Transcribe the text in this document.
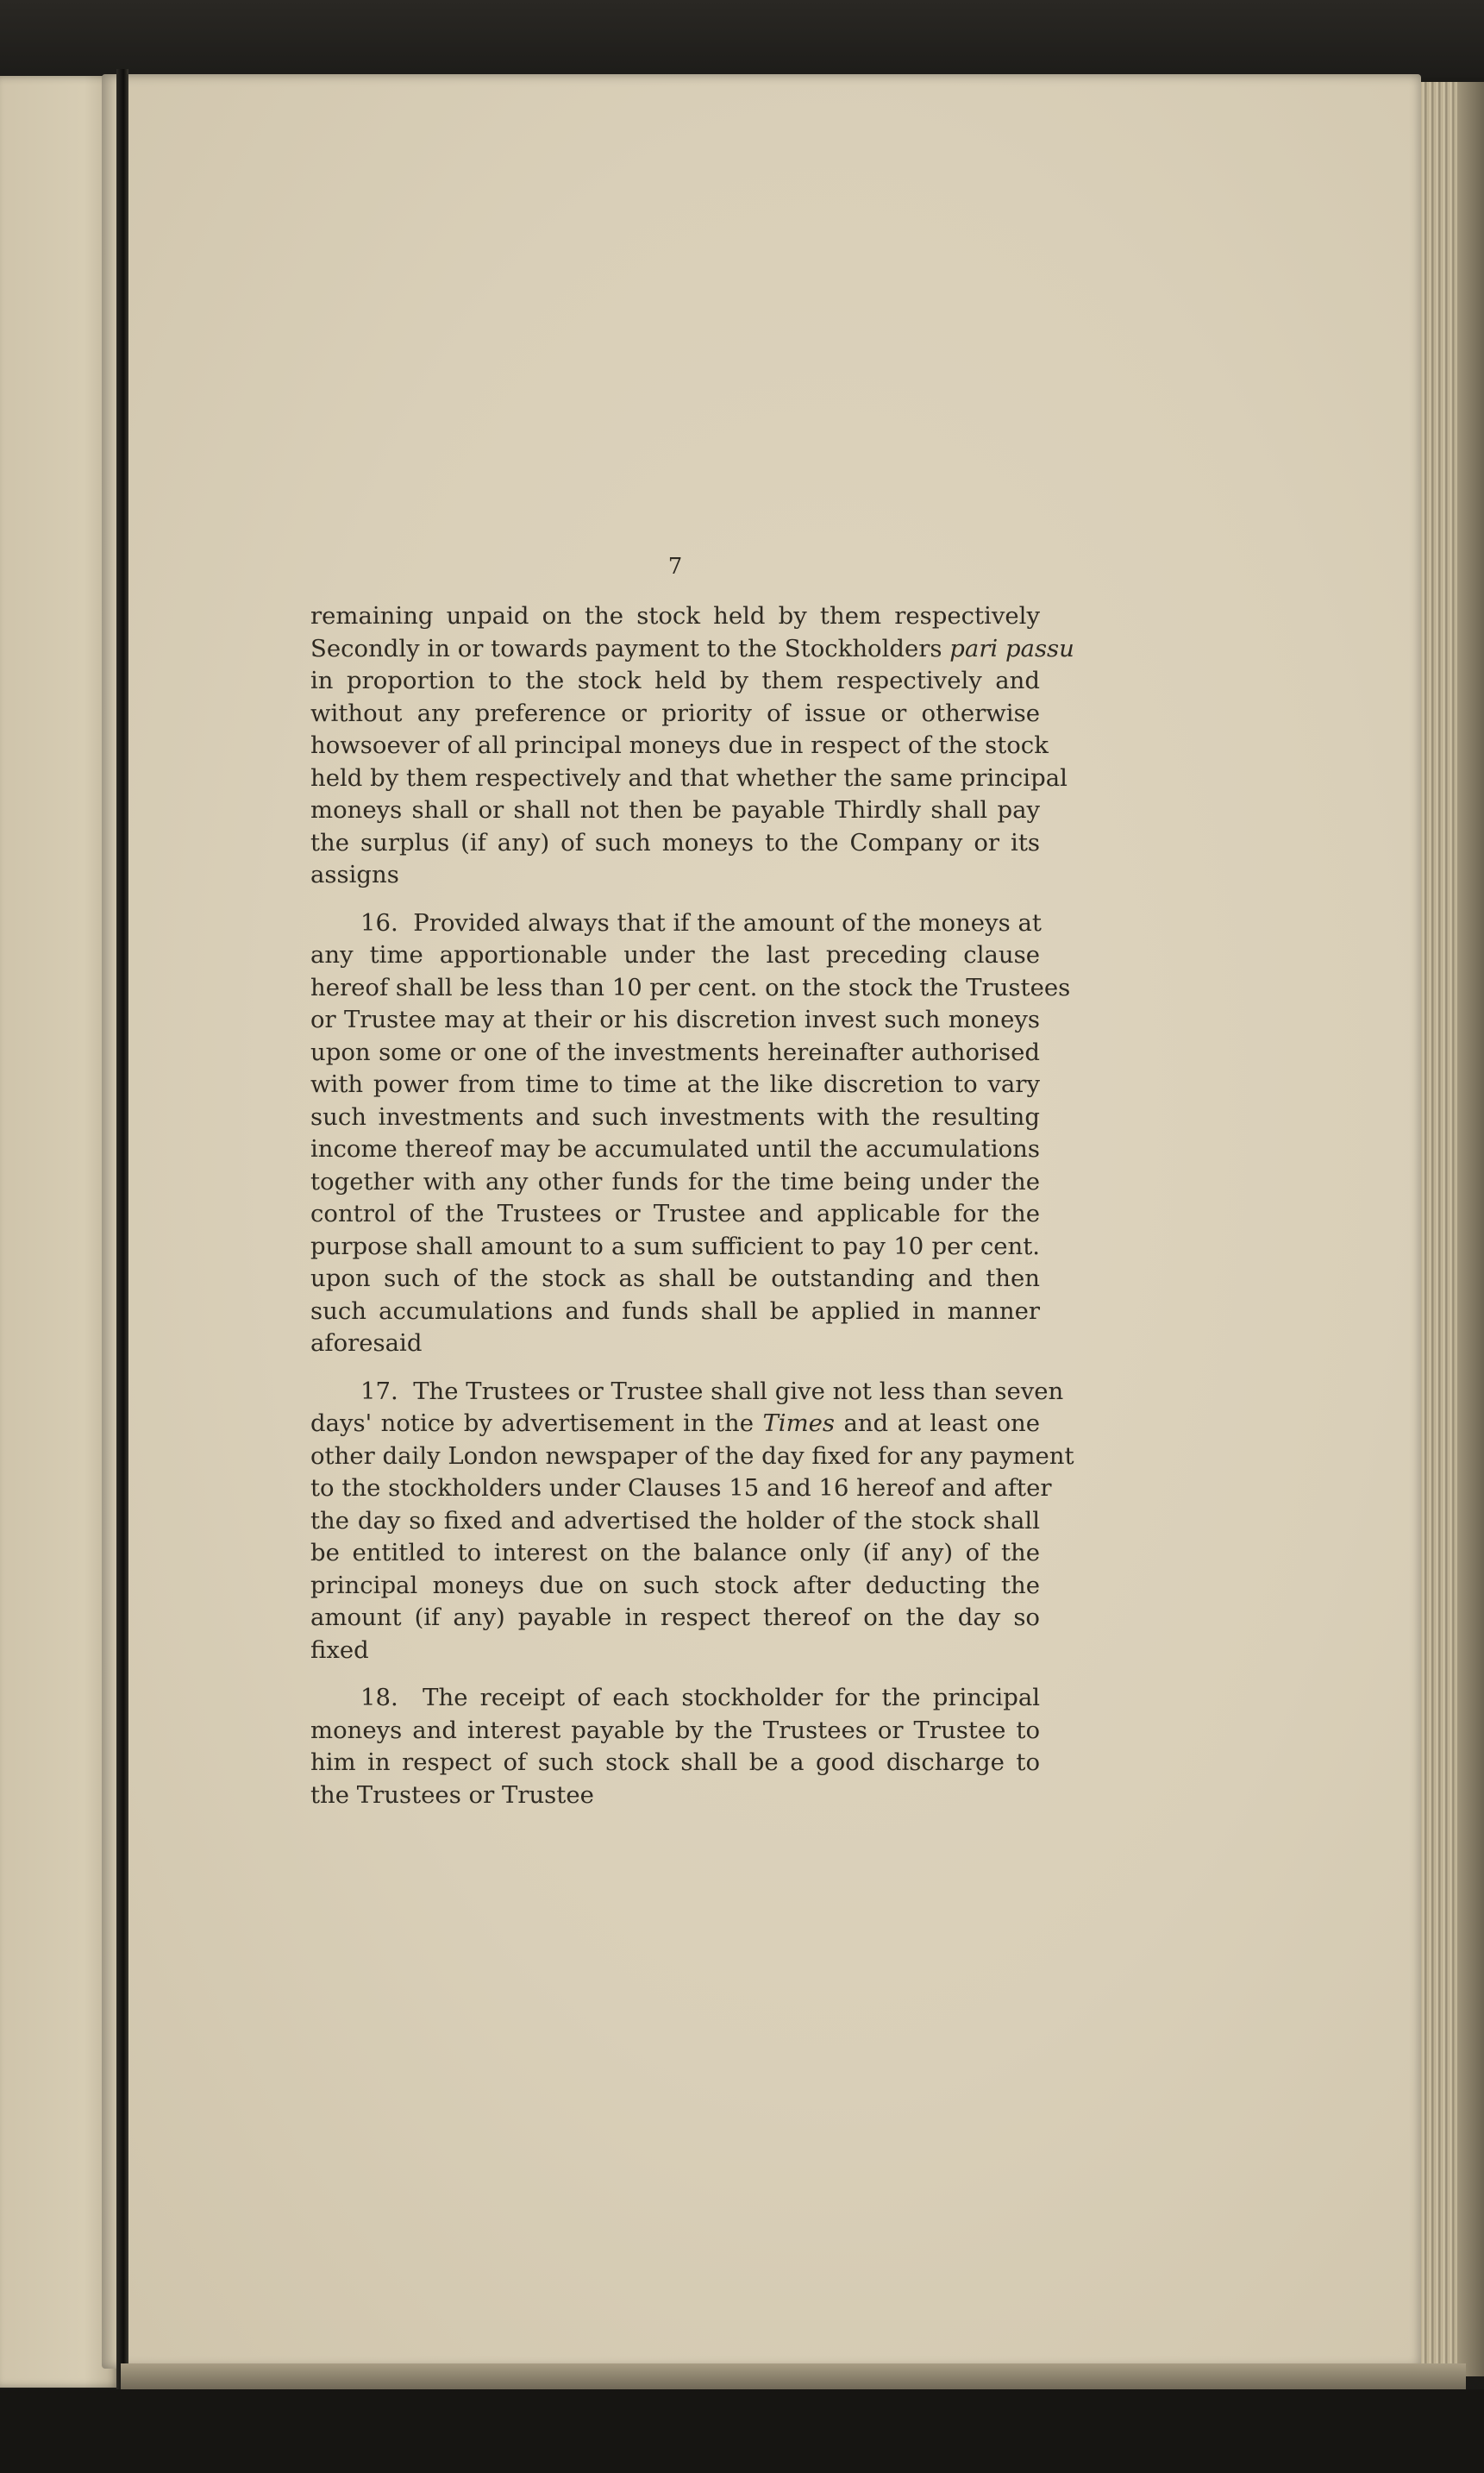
7
remaining unpaid on the stock held by them respectively
Secondly in or towards payment to the Stockholders pari passu
in proportion to the stock held by them respectively and
without any preference or priority of issue or otherwise
howsoever of all principal moneys due in respect of the stock
held by them respectively and that whether the same principal
moneys shall or shall not then be payable Thirdly shall pay
the surplus (if any) of such moneys to the Company or its
assigns
16. Provided always that if the amount of the moneys at
any time apportionable under the last preceding clause
hereof shall be less than 10 per cent. on the stock the Trustees
or Trustee may at their or his discretion invest such moneys
upon some or one of the investments hereinafter authorised
with power from time to time at the like discretion to vary
such investments and such investments with the resulting
income thereof may be accumulated until the accumulations
together with any other funds for the time being under the
control of the Trustees or Trustee and applicable for the
purpose shall amount to a sum sufficient to pay 10 per cent.
upon such of the stock as shall be outstanding and then
such accumulations and funds shall be applied in manner
aforesaid
17. The Trustees or Trustee shall give not less than seven
days' notice by advertisement in the Times and at least one
other daily London newspaper of the day fixed for any payment
to the stockholders under Clauses 15 and 16 hereof and after
the day so fixed and advertised the holder of the stock shall
be entitled to interest on the balance only (if any) of the
principal moneys due on such stock after deducting the
amount (if any) payable in respect thereof on the day so
fixed
18. The receipt of each stockholder for the principal
moneys and interest payable by the Trustees or Trustee to
him in respect of such stock shall be a good discharge to
the Trustees or Trustee
